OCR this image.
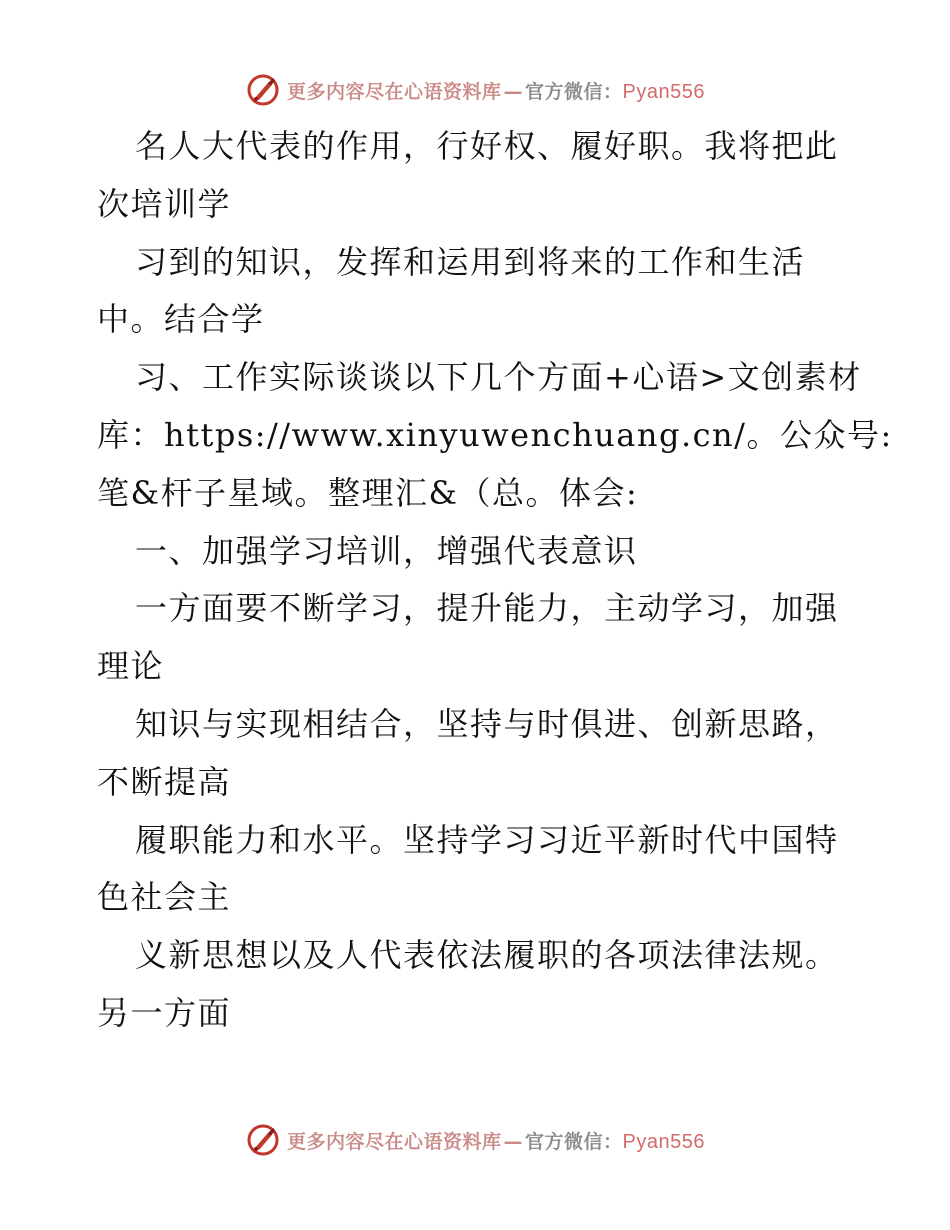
更多内容尽在心语资料库 — 官方微信：Pyan556
名人大代表的作用，行好权、履好职。我将把此
次培训学
习到的知识，发挥和运用到将来的工作和生活
中。结合学
习、工作实际谈谈以下几个方面+心语>文创素材
库：https://www.xinyuwenchuang.cn/。公众号:
笔&杆子星域。整理汇&（总。体会:
一、加强学习培训，增强代表意识
一方面要不断学习，提升能力，主动学习，加强
理论
知识与实现相结合，坚持与时俱进、创新思路，
不断提高
履职能力和水平。坚持学习习近平新时代中国特
色社会主
义新思想以及人代表依法履职的各项法律法规。
另一方面
更多内容尽在心语资料库 — 官方微信：Pyan556
